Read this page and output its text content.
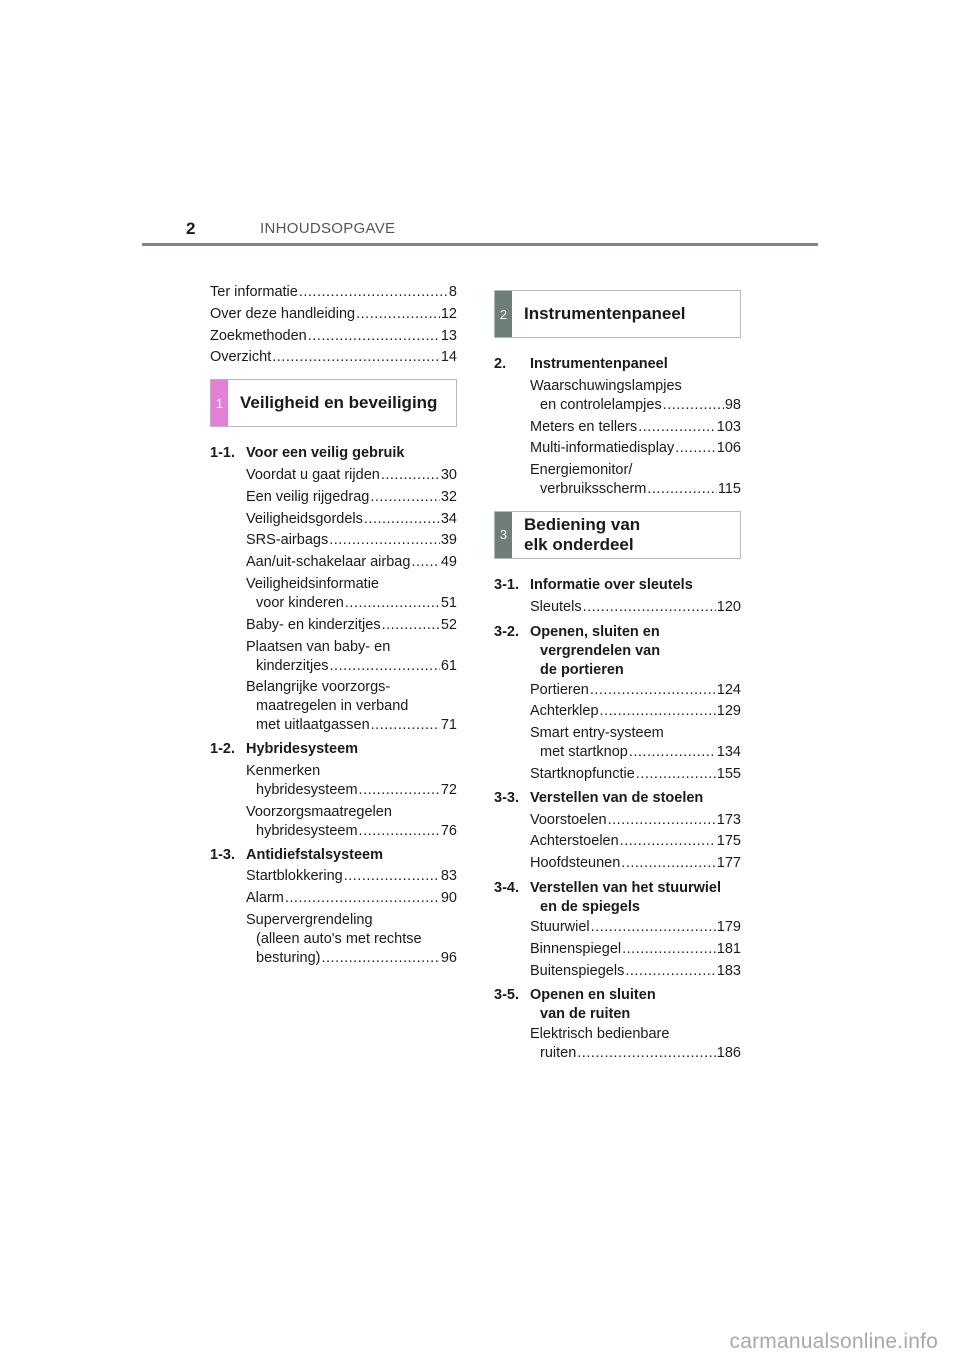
2	INHOUDSOPGAVE
Ter informatie .....	8
Over deze handleiding .....	12
Zoekmethoden .....	13
Overzicht .....	14
1 Veiligheid en beveiliging
1-1. Voor een veilig gebruik
Voordat u gaat rijden .....	30
Een veilig rijgedrag .....	32
Veiligheidsgordels .....	34
SRS-airbags .....	39
Aan/uit-schakelaar airbag ..... 49
Veiligheidsinformatie
voor kinderen .....	51
Baby- en kinderzitjes .....	52
Plaatsen van baby- en
kinderzitjes .....	61
Belangrijke voorzorgs-
maatregelen in verband
met uitlaatgassen .....	71
1-2. Hybridesysteem
Kenmerken
hybridesysteem .....	72
Voorzorgsmaatregelen
hybridesysteem .....	76
1-3. Antidiefstalsysteem
Startblokkering .....	83
Alarm .....	90
Supervergrendeling
(alleen auto's met rechtse
besturing) .....	96
2 Instrumentenpaneel
2.	Instrumentenpaneel
Waarschuwingslampjes
en controlelampjes .....	98
Meters en tellers .....	103
Multi-informatiedisplay .....	106
Energiemonitor/
verbruiksscherm .....	115
3
Bediening van
elk onderdeel
3-1. Informatie over sleutels
Sleutels .....	120
3-2. Openen, sluiten en
vergrendelen van
de portieren
Portieren .....	124
Achterklep .....	129
Smart entry-systeem
met startknop .....	134
Startknopfunctie .....	155
3-3. Verstellen van de stoelen
Voorstoelen .....	173
Achterstoelen .....	175
Hoofdsteunen .....	177
3-4. Verstellen van het stuurwiel
en de spiegels
Stuurwiel .....	179
Binnenspiegel .....	181
Buitenspiegels .....	183
3-5. Openen en sluiten
van de ruiten
Elektrisch bedienbare
ruiten .....	186
carmanualsonline.info
